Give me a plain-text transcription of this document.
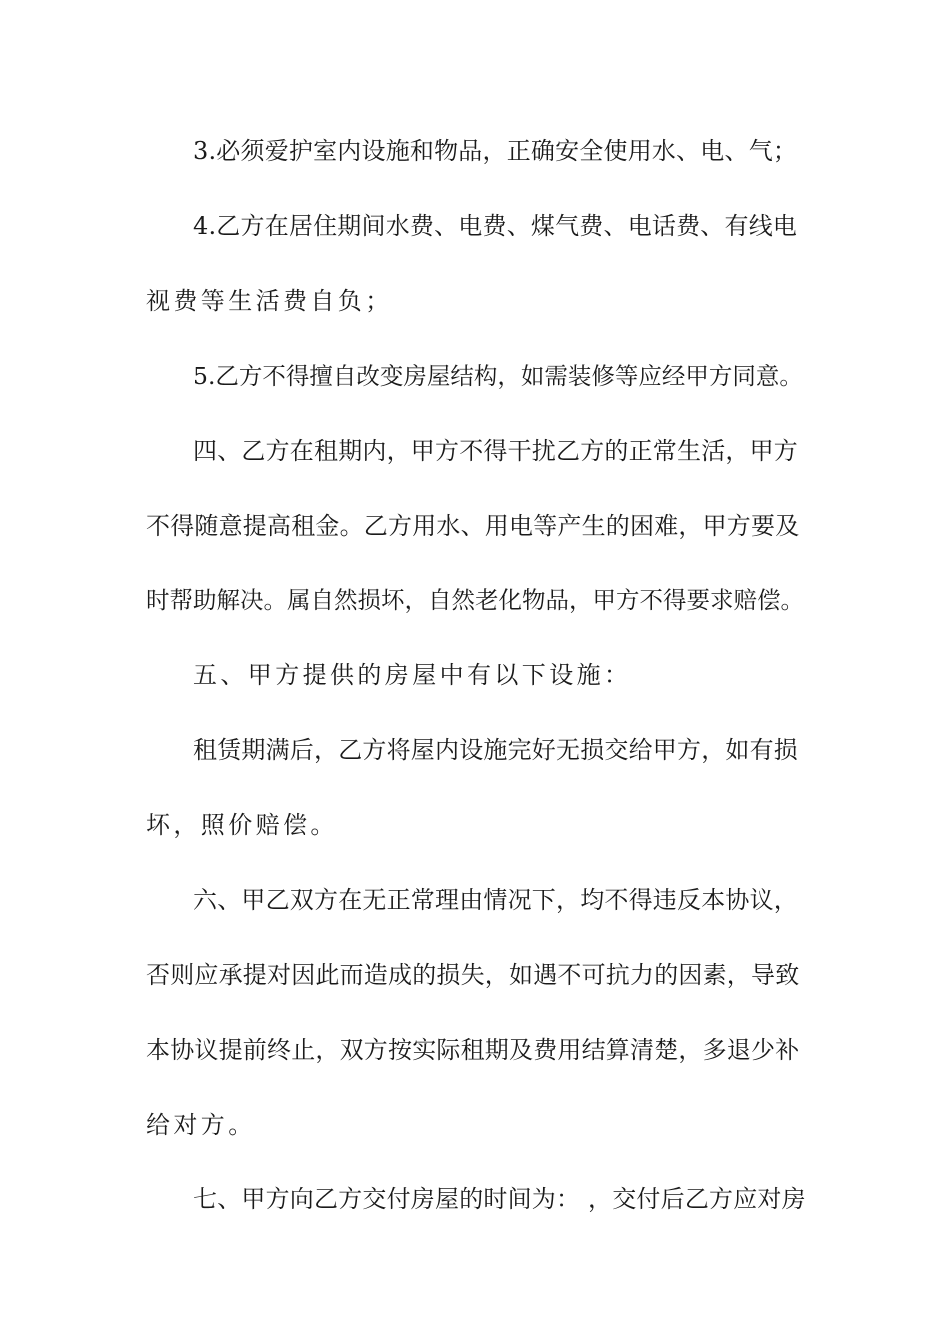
3.必须爱护室内设施和物品，正确安全使用水、电、气；
4.乙方在居住期间水费、电费、煤气费、电话费、有线电
视费等生活费自负；
5.乙方不得擅自改变房屋结构，如需装修等应经甲方同意。
四、乙方在租期内，甲方不得干扰乙方的正常生活，甲方
不得随意提高租金。乙方用水、用电等产生的困难，甲方要及
时帮助解决。属自然损坏，自然老化物品，甲方不得要求赔偿。
五、甲方提供的房屋中有以下设施：
租赁期满后，乙方将屋内设施完好无损交给甲方，如有损
坏，照价赔偿。
六、甲乙双方在无正常理由情况下，均不得违反本协议，
否则应承提对因此而造成的损失，如遇不可抗力的因素，导致
本协议提前终止，双方按实际租期及费用结算清楚，多退少补
给对方。
七、甲方向乙方交付房屋的时间为： ，交付后乙方应对房
